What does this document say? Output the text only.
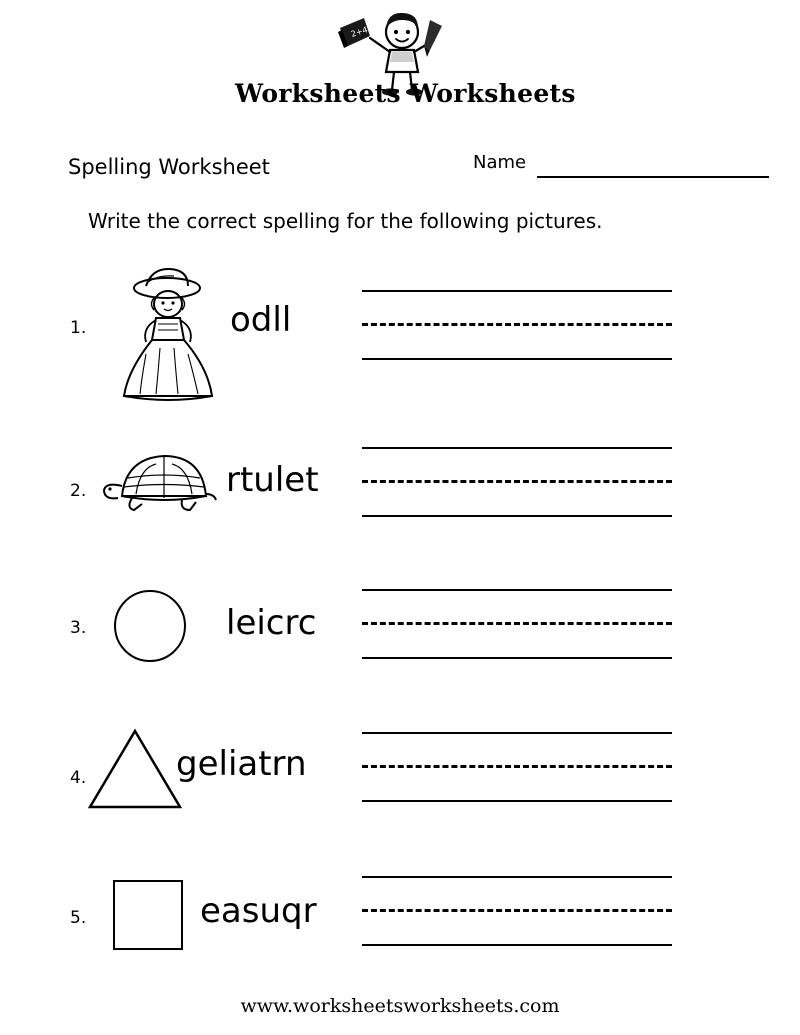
2+4
Worksheets Worksheets
Spelling Worksheet	Name
Write the correct spelling for the following pictures.
1.	odll
2.	rtulet
3.	leicrc
4.	geliatrn
5.	easuqr
www.worksheetsworksheets.com
